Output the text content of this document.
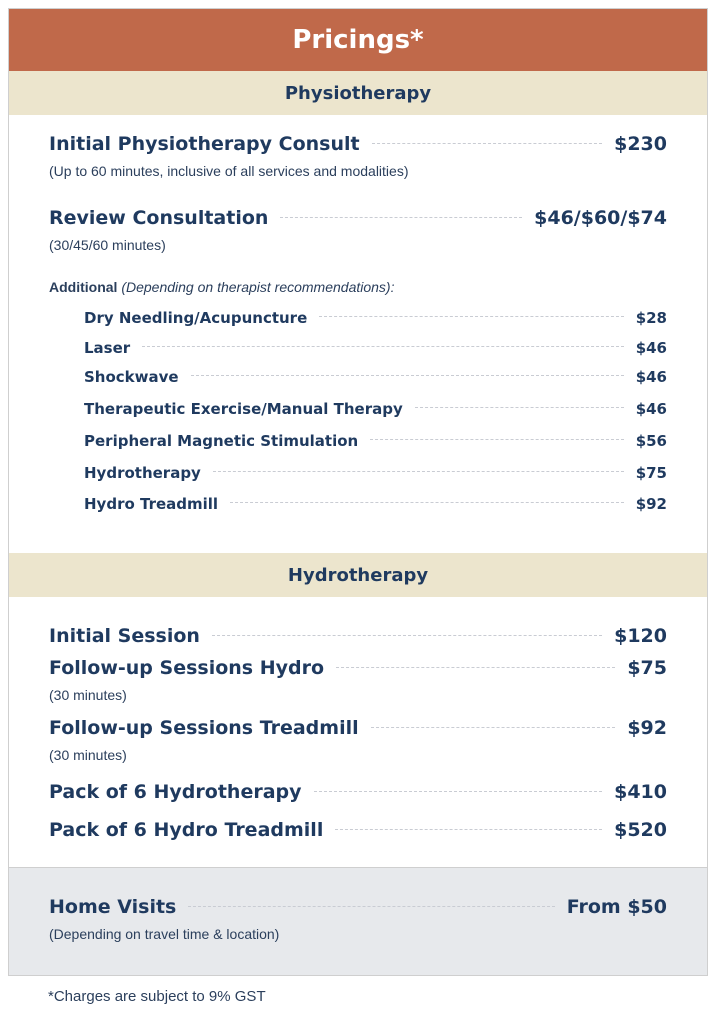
Pricings*
Physiotherapy
Initial Physiotherapy Consult	$230
(Up to 60 minutes, inclusive of all services and modalities)
Review Consultation	$46/$60/$74
(30/45/60 minutes)
Additional (Depending on therapist recommendations):
Dry Needling/Acupuncture	$28
Laser	$46
Shockwave	$46
Therapeutic Exercise/Manual Therapy	$46
Peripheral Magnetic Stimulation	$56
Hydrotherapy	$75
Hydro Treadmill	$92
Hydrotherapy
Initial Session	$120
Follow-up Sessions Hydro	$75
(30 minutes)
Follow-up Sessions Treadmill	$92
(30 minutes)
Pack of 6 Hydrotherapy	$410
Pack of 6 Hydro Treadmill	$520
Home Visits	From $50
(Depending on travel time & location)
*Charges are subject to 9% GST
